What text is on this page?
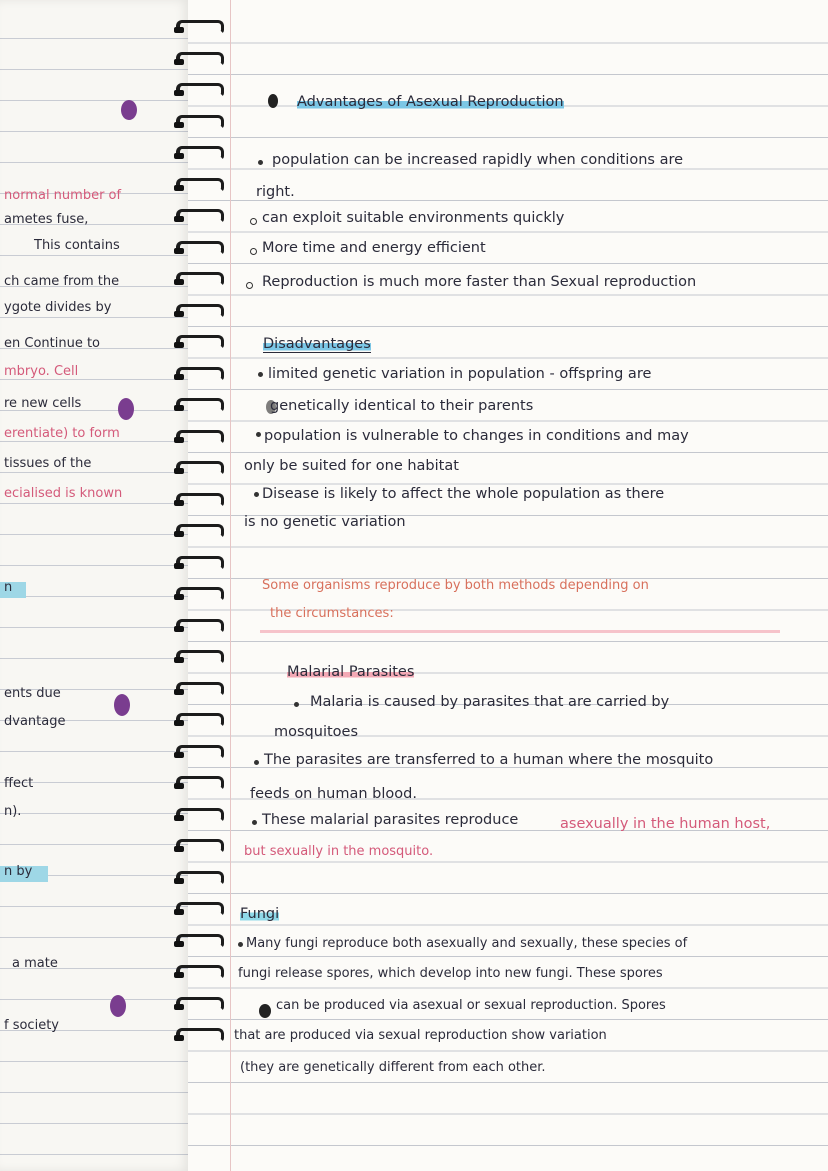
normal number of
ametes fuse,
This contains
ch came from the
ygote divides by
en Continue to
mbryo. Cell
re new cells
erentiate) to form
tissues of the
ecialised is known
n
ents due
dvantage
ffect
n).
n by
a mate
f society
Advantages of Asexual Reproduction
population can be increased rapidly when conditions are
right.
can exploit suitable environments quickly
More time and energy efficient
Reproduction is much more faster than Sexual reproduction
Disadvantages
limited genetic variation in population - offspring are
genetically identical to their parents
population is vulnerable to changes in conditions and may
only be suited for one habitat
Disease is likely to affect the whole population as there
is no genetic variation
Some organisms reproduce by both methods depending on
the circumstances:
Malarial Parasites
Malaria is caused by parasites that are carried by
mosquitoes
The parasites are transferred to a human where the mosquito
feeds on human blood.
These malarial parasites reproduce	asexually in the human host,
but sexually in the mosquito.
Fungi
Many fungi reproduce both asexually and sexually, these species of
fungi release spores, which develop into new fungi. These spores
can be produced via asexual or sexual reproduction. Spores
that are produced via sexual reproduction show variation
(they are genetically different from each other.
